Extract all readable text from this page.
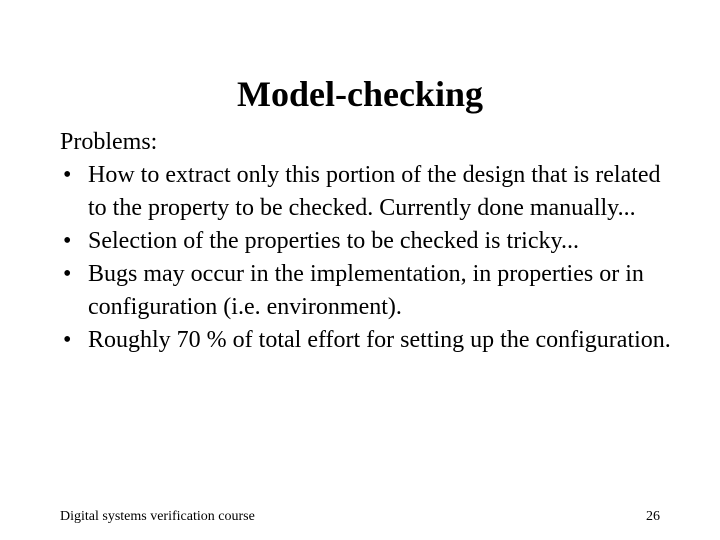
Model-checking
Problems:
• How to extract only this portion of the design that is related to the property to be checked. Currently done manually...
• Selection of the properties to be checked is tricky...
• Bugs may occur in the implementation, in properties or in configuration (i.e. environment).
• Roughly 70 % of total effort for setting up the configuration.
Digital systems verification course	26
